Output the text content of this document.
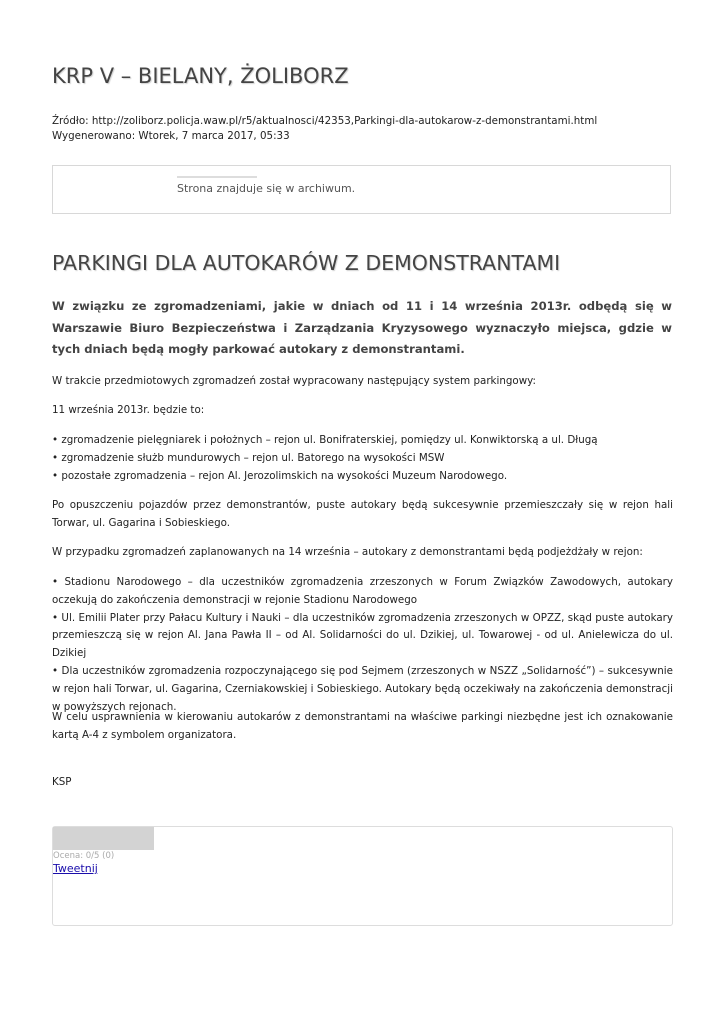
KRP V – BIELANY, ŻOLIBORZ
Źródło: http://zoliborz.policja.waw.pl/r5/aktualnosci/42353,Parkingi-dla-autokarow-z-demonstrantami.html
Wygenerowano: Wtorek, 7 marca 2017, 05:33
Strona znajduje się w archiwum.
PARKINGI DLA AUTOKARÓW Z DEMONSTRANTAMI

W związku ze zgromadzeniami, jakie w dniach od 11 i 14 września 2013r. odbędą się w Warszawie Biuro Bezpieczeństwa i Zarządzania Kryzysowego wyznaczyło miejsca, gdzie w tych dniach będą mogły parkować autokary z demonstrantami.

W trakcie przedmiotowych zgromadzeń został wypracowany następujący system parkingowy:

11 września 2013r. będzie to:

• zgromadzenie pielęgniarek i położnych – rejon ul. Bonifraterskiej, pomiędzy ul. Konwiktorską a ul. Długą
• zgromadzenie służb mundurowych – rejon ul. Batorego na wysokości MSW
• pozostałe zgromadzenia – rejon Al. Jerozolimskich na wysokości Muzeum Narodowego.

Po opuszczeniu pojazdów przez demonstrantów, puste autokary będą sukcesywnie przemieszczały się w rejon hali Torwar, ul. Gagarina i Sobieskiego.

W przypadku zgromadzeń zaplanowanych na 14 września – autokary z demonstrantami będą podjeżdżały w rejon:

• Stadionu Narodowego – dla uczestników zgromadzenia zrzeszonych w Forum Związków Zawodowych, autokary oczekują do zakończenia demonstracji w rejonie Stadionu Narodowego
• Ul. Emilii Plater przy Pałacu Kultury i Nauki – dla uczestników zgromadzenia zrzeszonych w OPZZ, skąd puste autokary przemieszczą się w rejon Al. Jana Pawła II – od Al. Solidarności do ul. Dzikiej, ul. Towarowej - od ul. Anielewicza do ul. Dzikiej
• Dla uczestników zgromadzenia rozpoczynającego się pod Sejmem (zrzeszonych w NSZZ „Solidarność”) – sukcesywnie w rejon hali Torwar, ul. Gagarina, Czerniakowskiej i Sobieskiego. Autokary będą oczekiwały na zakończenia demonstracji w powyższych rejonach.

W celu usprawnienia w kierowaniu autokarów z demonstrantami na właściwe parkingi niezbędne jest ich oznakowanie kartą A-4 z symbolem organizatora.

KSP
Ocena: 0/5 (0)
Tweetnij
